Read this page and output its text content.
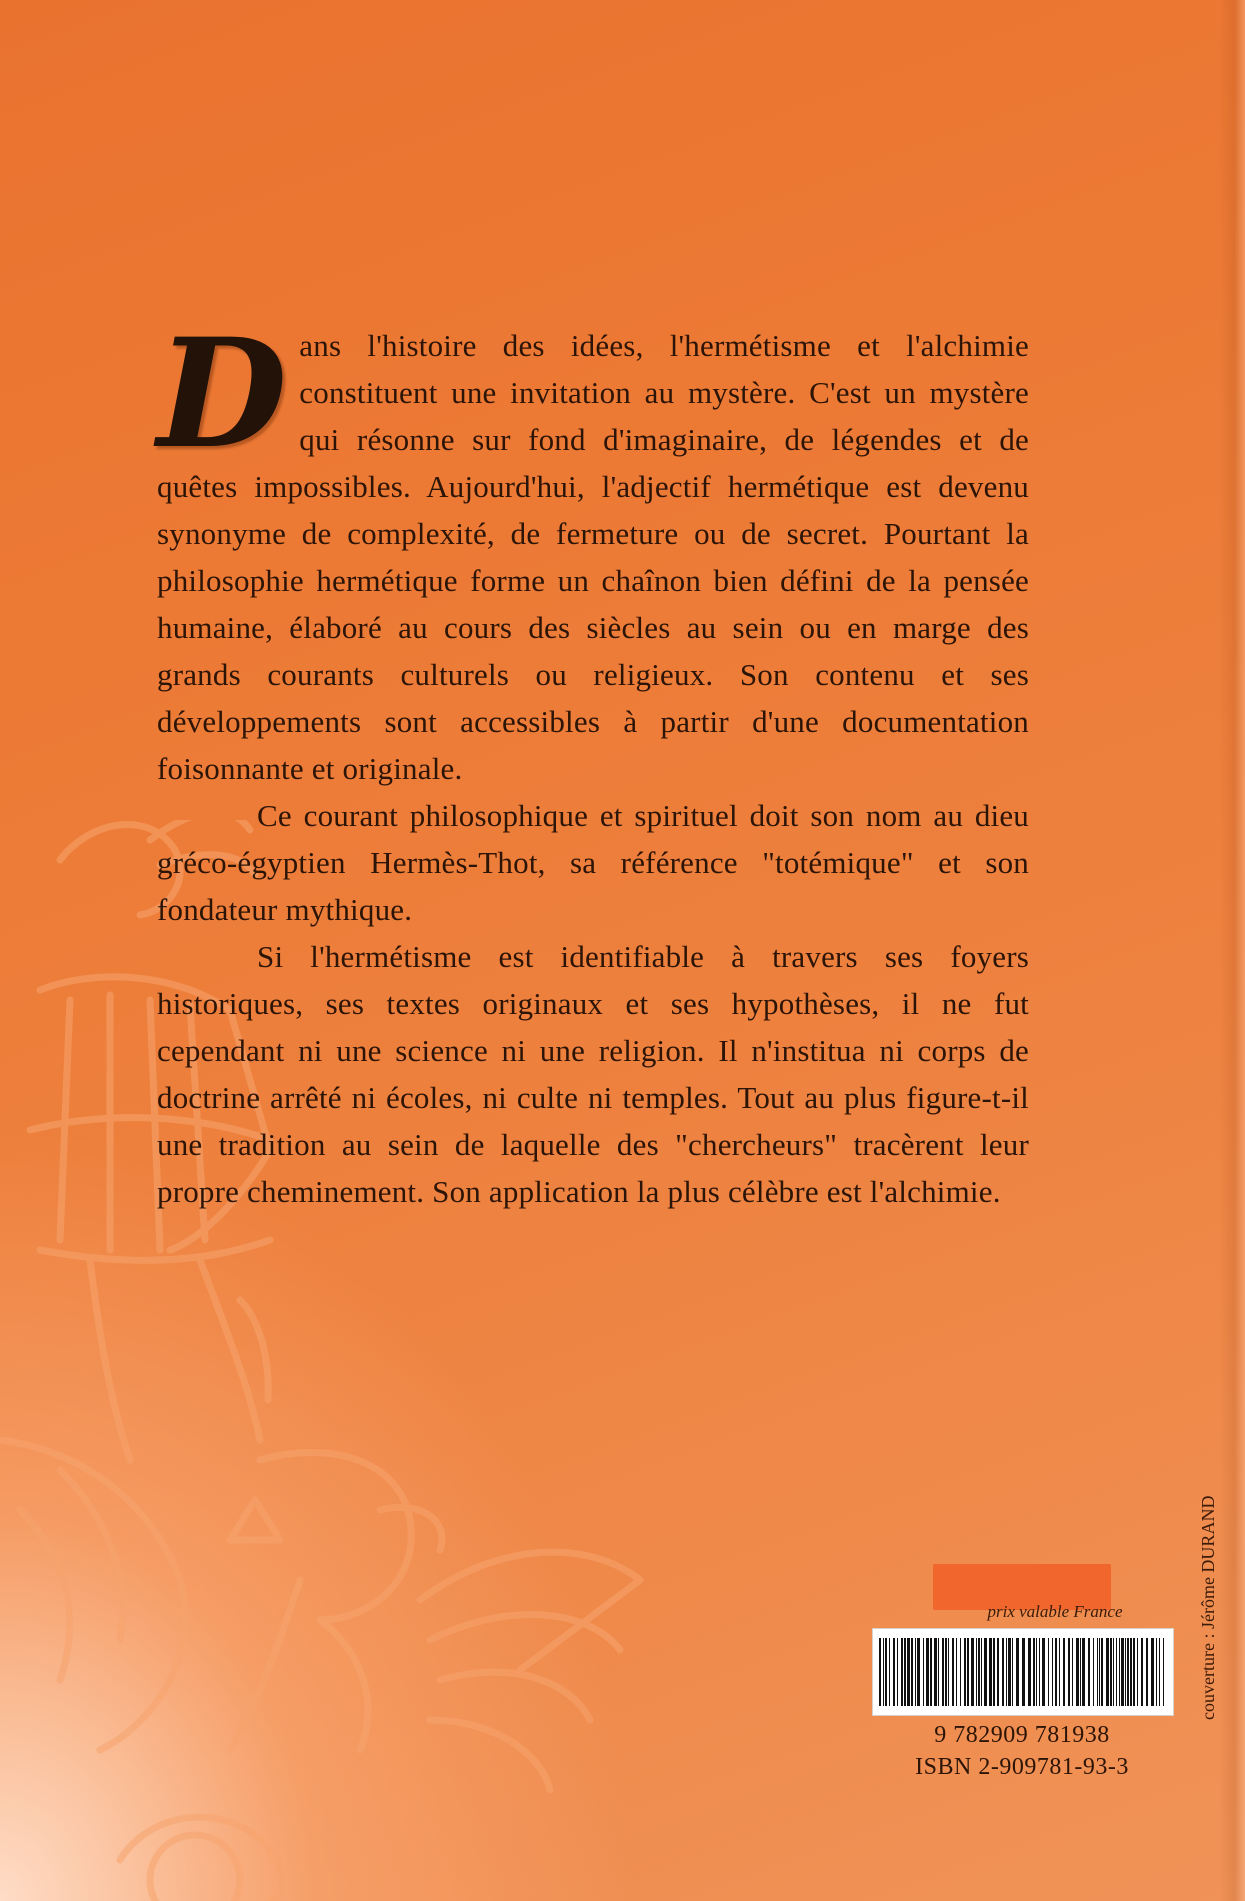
Dans l'histoire des idées, l'hermétisme et l'alchimie constituent une invitation au mystère. C'est un mystère qui résonne sur fond d'imaginaire, de légendes et de quêtes impossibles. Aujourd'hui, l'adjectif hermétique est devenu synonyme de complexité, de fermeture ou de secret. Pourtant la philosophie hermétique forme un chaînon bien défini de la pensée humaine, élaboré au cours des siècles au sein ou en marge des grands courants culturels ou religieux. Son contenu et ses développements sont accessibles à partir d'une documentation foisonnante et originale.

Ce courant philosophique et spirituel doit son nom au dieu gréco-égyptien Hermès-Thot, sa référence "totémique" et son fondateur mythique.

Si l'hermétisme est identifiable à travers ses foyers historiques, ses textes originaux et ses hypothèses, il ne fut cependant ni une science ni une religion. Il n'institua ni corps de doctrine arrêté ni écoles, ni culte ni temples. Tout au plus figure-t-il une tradition au sein de laquelle des "chercheurs" tracèrent leur propre cheminement. Son application la plus célèbre est l'alchimie.

prix valable France
9 782909 781938
ISBN 2-909781-93-3
couverture : Jérôme DURAND
